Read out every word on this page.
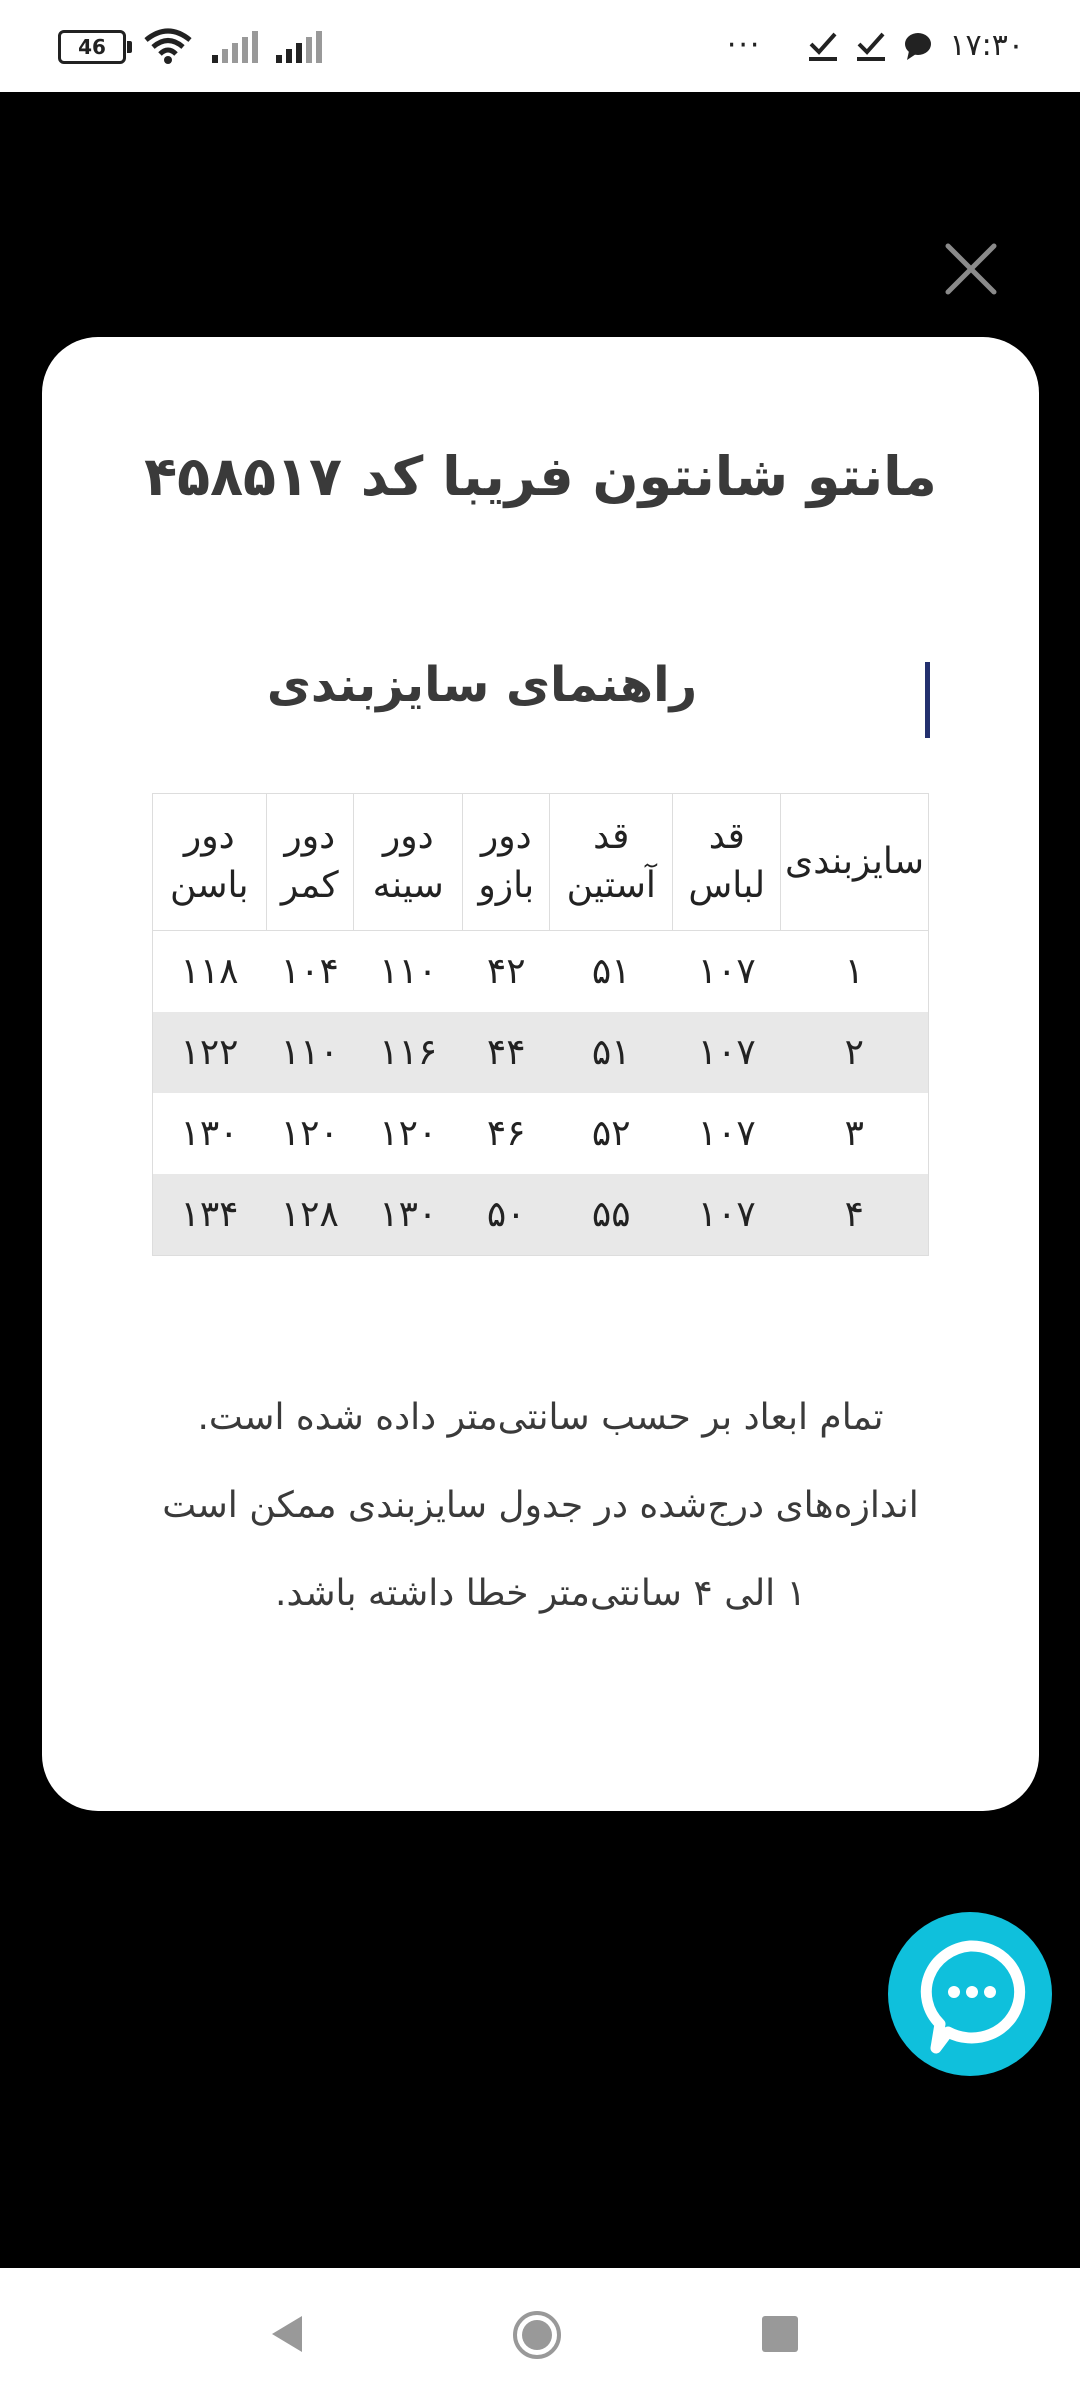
46	···	۱۷:۳۰
مانتو شانتون فریبا کد ۴۵۸۵۱۷
راهنمای سایزبندی
سایزبندی	قد لباس	قد آستین	دور بازو	دور سینه	دور کمر	دور باسن
۱	۱۰۷	۵۱	۴۲	۱۱۰	۱۰۴	۱۱۸
۲	۱۰۷	۵۱	۴۴	۱۱۶	۱۱۰	۱۲۲
۳	۱۰۷	۵۲	۴۶	۱۲۰	۱۲۰	۱۳۰
۴	۱۰۷	۵۵	۵۰	۱۳۰	۱۲۸	۱۳۴
تمام ابعاد بر حسب سانتی‌متر داده شده است.
اندازه‌های درج‌شده در جدول سایزبندی ممکن است
۱ الی ۴ سانتی‌متر خطا داشته باشد.
